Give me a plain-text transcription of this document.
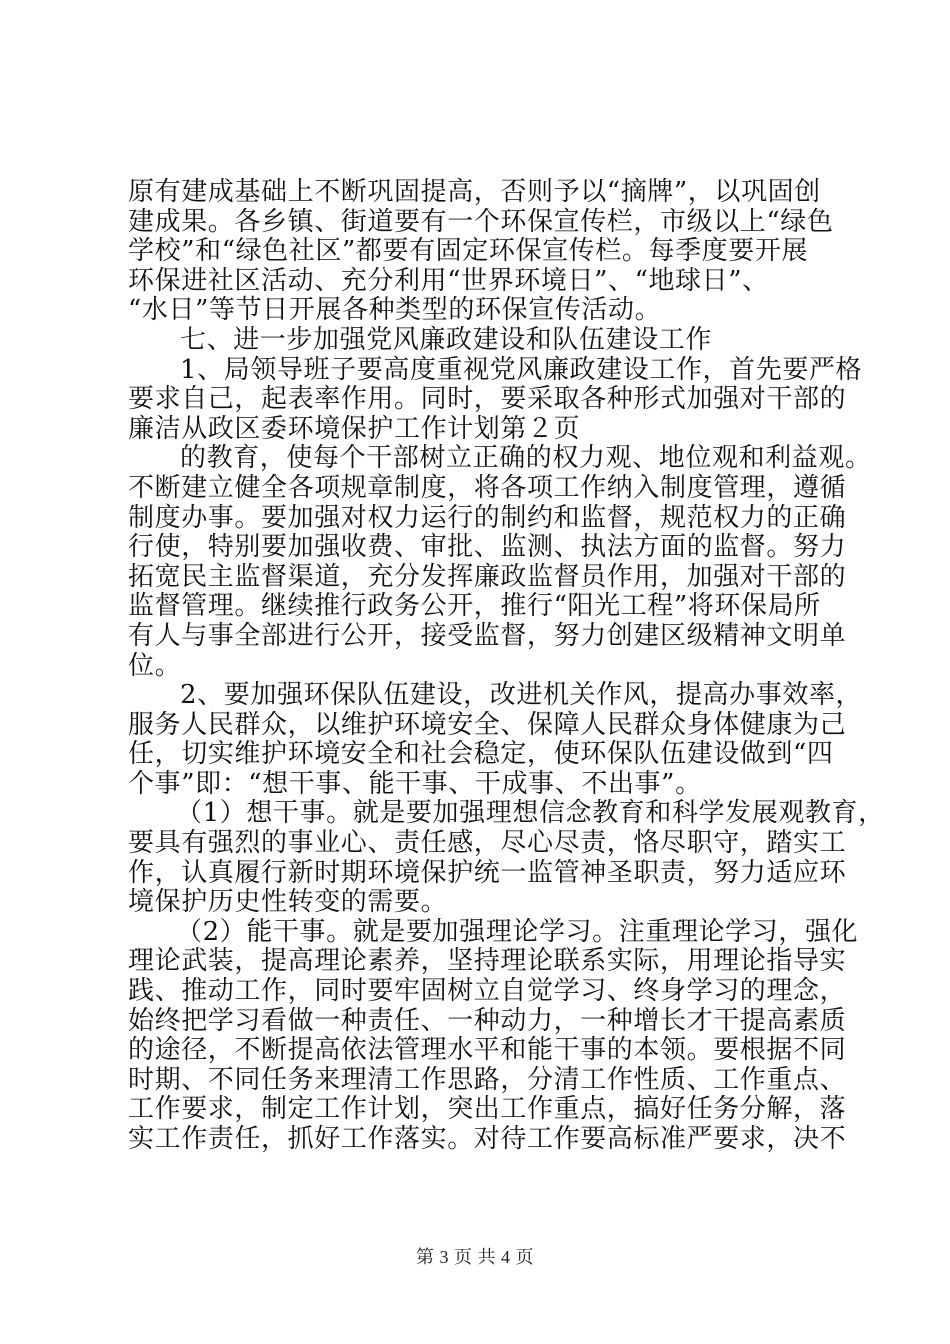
原有建成基础上不断巩固提高，否则予以“摘牌”，以巩固创
建成果。各乡镇、街道要有一个环保宣传栏，市级以上“绿色
学校”和“绿色社区”都要有固定环保宣传栏。每季度要开展
环保进社区活动、充分利用“世界环境日”、“地球日”、
“水日”等节日开展各种类型的环保宣传活动。
七、进一步加强党风廉政建设和队伍建设工作
1、局领导班子要高度重视党风廉政建设工作，首先要严格
要求自己，起表率作用。同时，要采取各种形式加强对干部的
廉洁从政区委环境保护工作计划第２页
的教育，使每个干部树立正确的权力观、地位观和利益观。
不断建立健全各项规章制度，将各项工作纳入制度管理，遵循
制度办事。要加强对权力运行的制约和监督，规范权力的正确
行使，特别要加强收费、审批、监测、执法方面的监督。努力
拓宽民主监督渠道，充分发挥廉政监督员作用，加强对干部的
监督管理。继续推行政务公开，推行“阳光工程”将环保局所
有人与事全部进行公开，接受监督，努力创建区级精神文明单
位。
2、要加强环保队伍建设，改进机关作风，提高办事效率，
服务人民群众，以维护环境安全、保障人民群众身体健康为己
任，切实维护环境安全和社会稳定，使环保队伍建设做到“四
个事”即：“想干事、能干事、干成事、不出事”。
（1）想干事。就是要加强理想信念教育和科学发展观教育，
要具有强烈的事业心、责任感，尽心尽责，恪尽职守，踏实工
作，认真履行新时期环境保护统一监管神圣职责，努力适应环
境保护历史性转变的需要。
（2）能干事。就是要加强理论学习。注重理论学习，强化
理论武装，提高理论素养，坚持理论联系实际，用理论指导实
践、推动工作，同时要牢固树立自觉学习、终身学习的理念，
始终把学习看做一种责任、一种动力，一种增长才干提高素质
的途径，不断提高依法管理水平和能干事的本领。要根据不同
时期、不同任务来理清工作思路，分清工作性质、工作重点、
工作要求，制定工作计划，突出工作重点，搞好任务分解，落
实工作责任，抓好工作落实。对待工作要高标准严要求，决不
第 3 页 共 4 页
